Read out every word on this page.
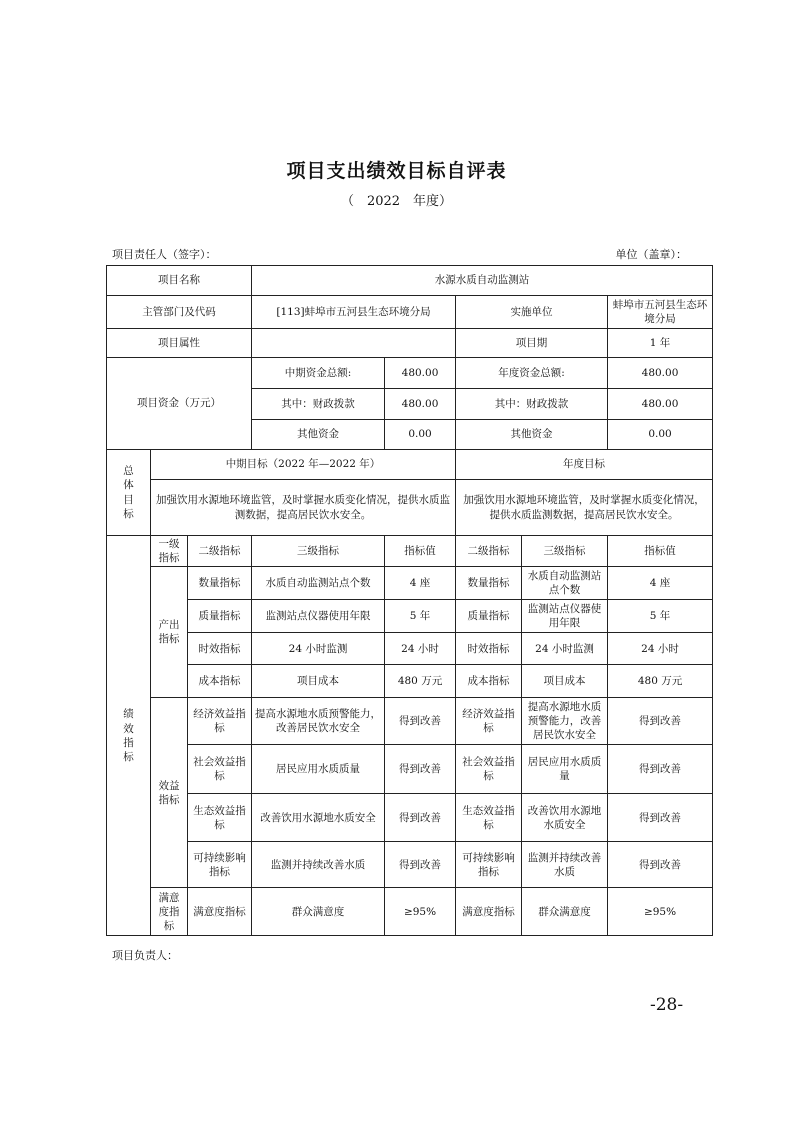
项目支出绩效目标自评表
（　2022　年度）
项目责任人（签字）：	单位（盖章）：
项目名称			水源水质自动监测站				
主管部门及代码			[113]蚌埠市五河县生态环境分局		实施单位		蚌埠市五河县生态环境分局
项目属性					项目期		1 年
项目资金（万元）			中期资金总额:	480.00	年度资金总额:		480.00
			其中：财政拨款	480.00	其中：财政拨款		480.00
			其他资金	0.00	其他资金		0.00
总体目标	中期目标（2022 年—2022 年）				年度目标		
	加强饮用水源地环境监管，及时掌握水质变化情况，提供水质监测数据，提高居民饮水安全。				加强饮用水源地环境监管，及时掌握水质变化情况，提供水质监测数据，提高居民饮水安全。		
绩效指标	一级指标	二级指标	三级指标	指标值	二级指标	三级指标	指标值
	产出指标	数量指标	水质自动监测站点个数	4 座	数量指标	水质自动监测站点个数	4 座
		质量指标	监测站点仪器使用年限	5 年	质量指标	监测站点仪器使用年限	5 年
		时效指标	24 小时监测	24 小时	时效指标	24 小时监测	24 小时
		成本指标	项目成本	480 万元	成本指标	项目成本	480 万元
	效益指标	经济效益指标	提高水源地水质预警能力，改善居民饮水安全	得到改善	经济效益指标	提高水源地水质预警能力，改善居民饮水安全	得到改善
		社会效益指标	居民应用水质质量	得到改善	社会效益指标	居民应用水质质量	得到改善
		生态效益指标	改善饮用水源地水质安全	得到改善	生态效益指标	改善饮用水源地水质安全	得到改善
		可持续影响指标	监测并持续改善水质	得到改善	可持续影响指标	监测并持续改善水质	得到改善
	满意度指标	满意度指标	群众满意度	≥95%	满意度指标	群众满意度	≥95%
项目负责人：
-28-
